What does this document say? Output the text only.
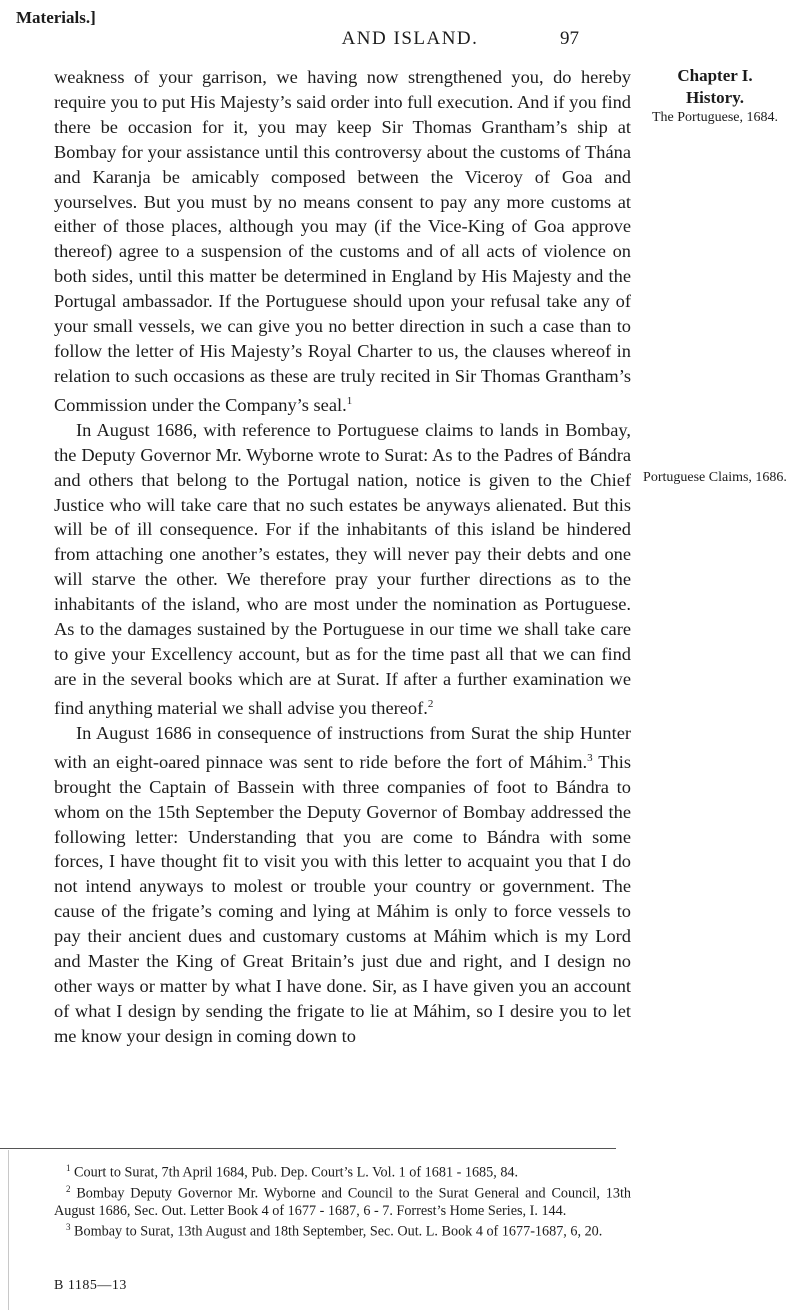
Materials.]
AND ISLAND.	97
Chapter I.
History.
The Portuguese, 1684.
Portuguese Claims, 1686.

weakness of your garrison, we having now strengthened you, do hereby require you to put His Majesty’s said order into full execution. And if you find there be occasion for it, you may keep Sir Thomas Grantham’s ship at Bombay for your assistance until this controversy about the customs of Thána and Karanja be amicably composed between the Viceroy of Goa and yourselves. But you must by no means consent to pay any more customs at either of those places, although you may (if the Vice-King of Goa approve thereof) agree to a suspension of the customs and of all acts of violence on both sides, until this matter be determined in England by His Majesty and the Portugal ambassador. If the Portuguese should upon your refusal take any of your small vessels, we can give you no better direction in such a case than to follow the letter of His Majesty’s Royal Charter to us, the clauses whereof in relation to such occasions as these are truly recited in Sir Thomas Grantham’s Commission under the Company’s seal.$^1$

In August 1686, with reference to Portuguese claims to lands in Bombay, the Deputy Governor Mr. Wyborne wrote to Surat: As to the Padres of Bándra and others that belong to the Portugal nation, notice is given to the Chief Justice who will take care that no such estates be anyways alienated. But this will be of ill consequence. For if the inhabitants of this island be hindered from attaching one another’s estates, they will never pay their debts and one will starve the other. We therefore pray your further directions as to the inhabitants of the island, who are most under the nomination as Portuguese. As to the damages sustained by the Portuguese in our time we shall take care to give your Excellency account, but as for the time past all that we can find are in the several books which are at Surat. If after a further examination we find anything material we shall advise you thereof.$^2$

In August 1686 in consequence of instructions from Surat the ship Hunter with an eight-oared pinnace was sent to ride before the fort of Máhim.$^3$ This brought the Captain of Bassein with three companies of foot to Bándra to whom on the 15th September the Deputy Governor of Bombay addressed the following letter: Understanding that you are come to Bándra with some forces, I have thought fit to visit you with this letter to acquaint you that I do not intend anyways to molest or trouble your country or government. The cause of the frigate’s coming and lying at Máhim is only to force vessels to pay their ancient dues and customary customs at Máhim which is my Lord and Master the King of Great Britain’s just due and right, and I design no other ways or matter by what I have done. Sir, as I have given you an account of what I design by sending the frigate to lie at Máhim, so I desire you to let me know your design in coming down to

$^1$ Court to Surat, 7th April 1684, Pub. Dep. Court’s L. Vol. 1 of 1681 - 1685, 84.

$^2$ Bombay Deputy Governor Mr. Wyborne and Council to the Surat General and Council, 13th August 1686, Sec. Out. Letter Book 4 of 1677 - 1687, 6 - 7. Forrest’s Home Series, I. 144.

$^3$ Bombay to Surat, 13th August and 18th September, Sec. Out. L. Book 4 of 1677-1687, 6, 20.

B 1185—13
